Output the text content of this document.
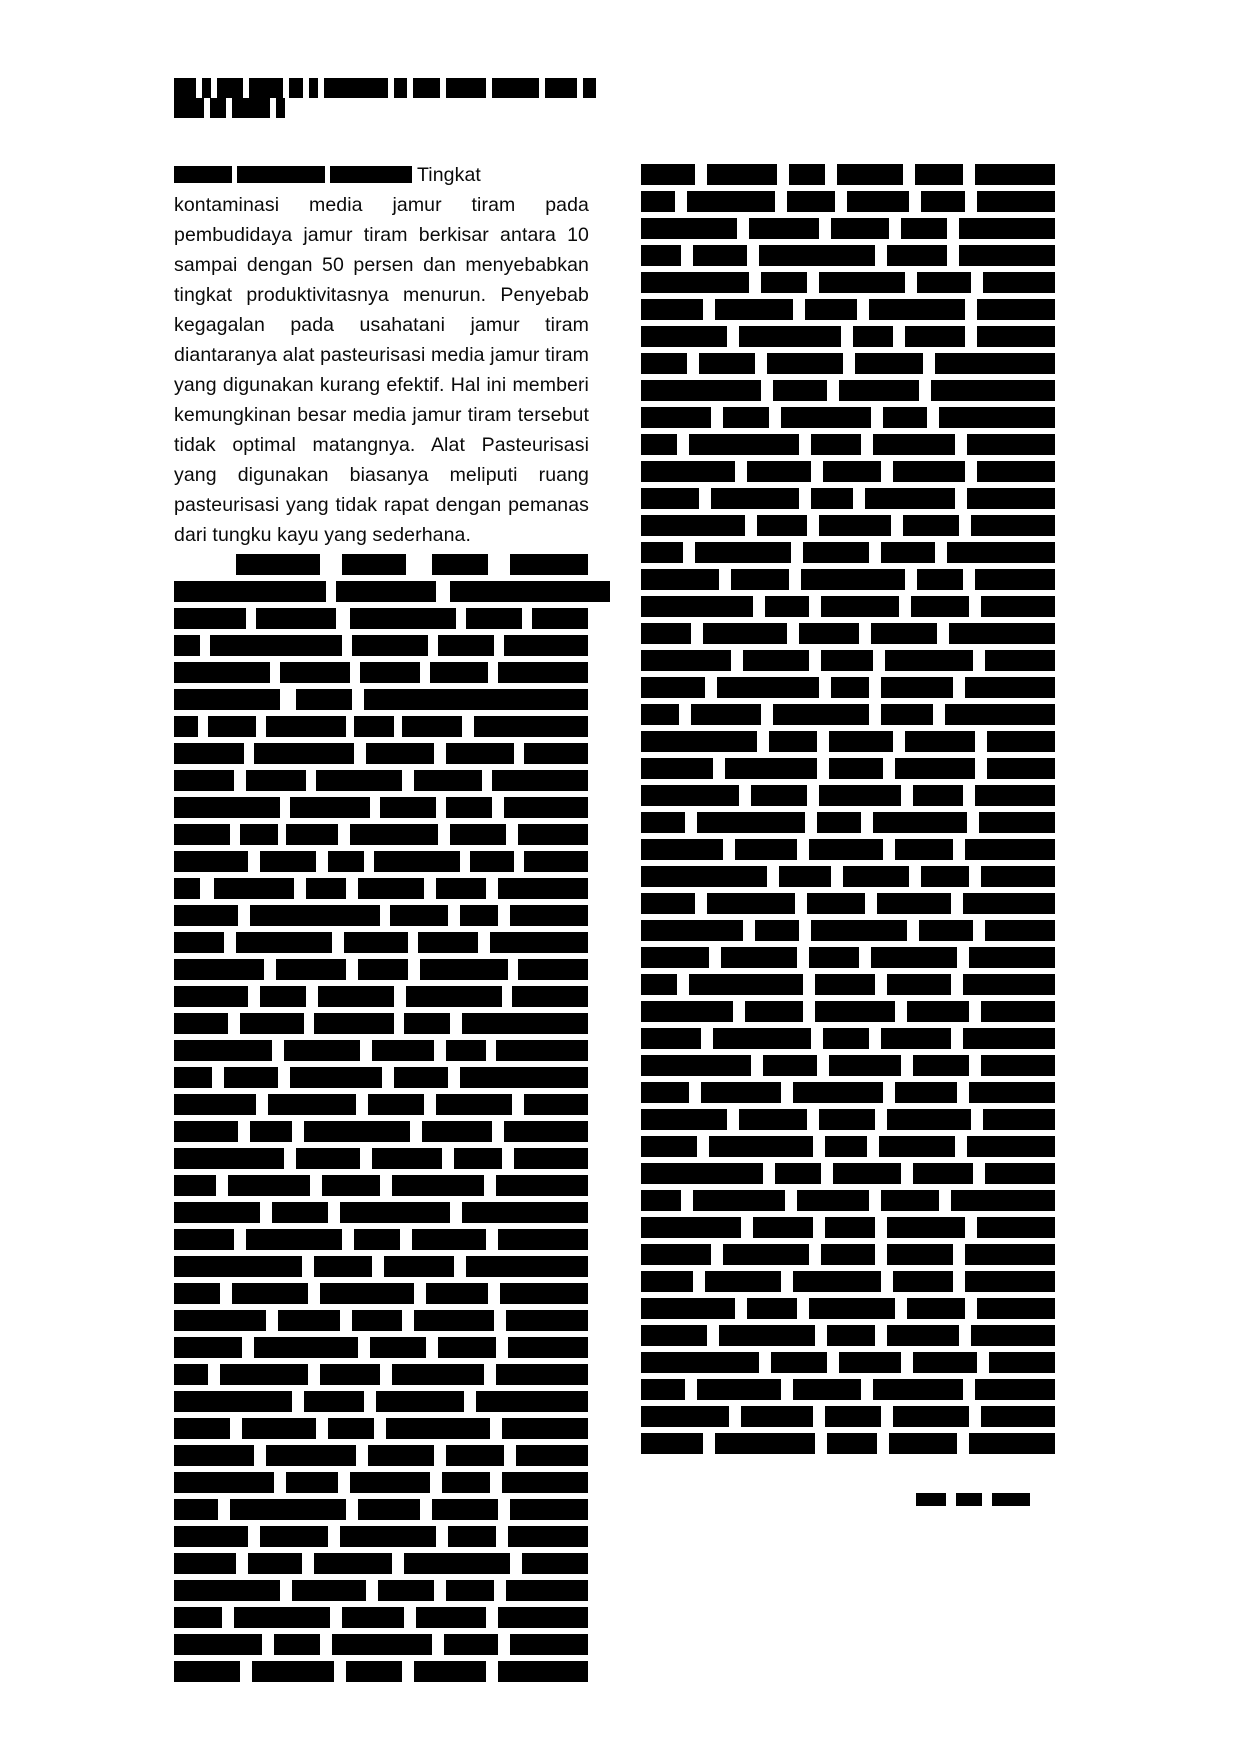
Tingkat kontaminasi media jamur tiram pada pembudidaya jamur tiram berkisar antara 10 sampai dengan 50 persen dan menyebabkan tingkat produktivitasnya menurun. Penyebab kegagalan pada usahatani jamur tiram diantaranya alat pasteurisasi media jamur tiram yang digunakan kurang efektif. Hal ini memberi kemungkinan besar media jamur tiram tersebut tidak optimal matangnya. Alat Pasteurisasi yang digunakan biasanya meliputi ruang pasteurisasi yang tidak rapat dengan pemanas dari tungku kayu yang sederhana.
